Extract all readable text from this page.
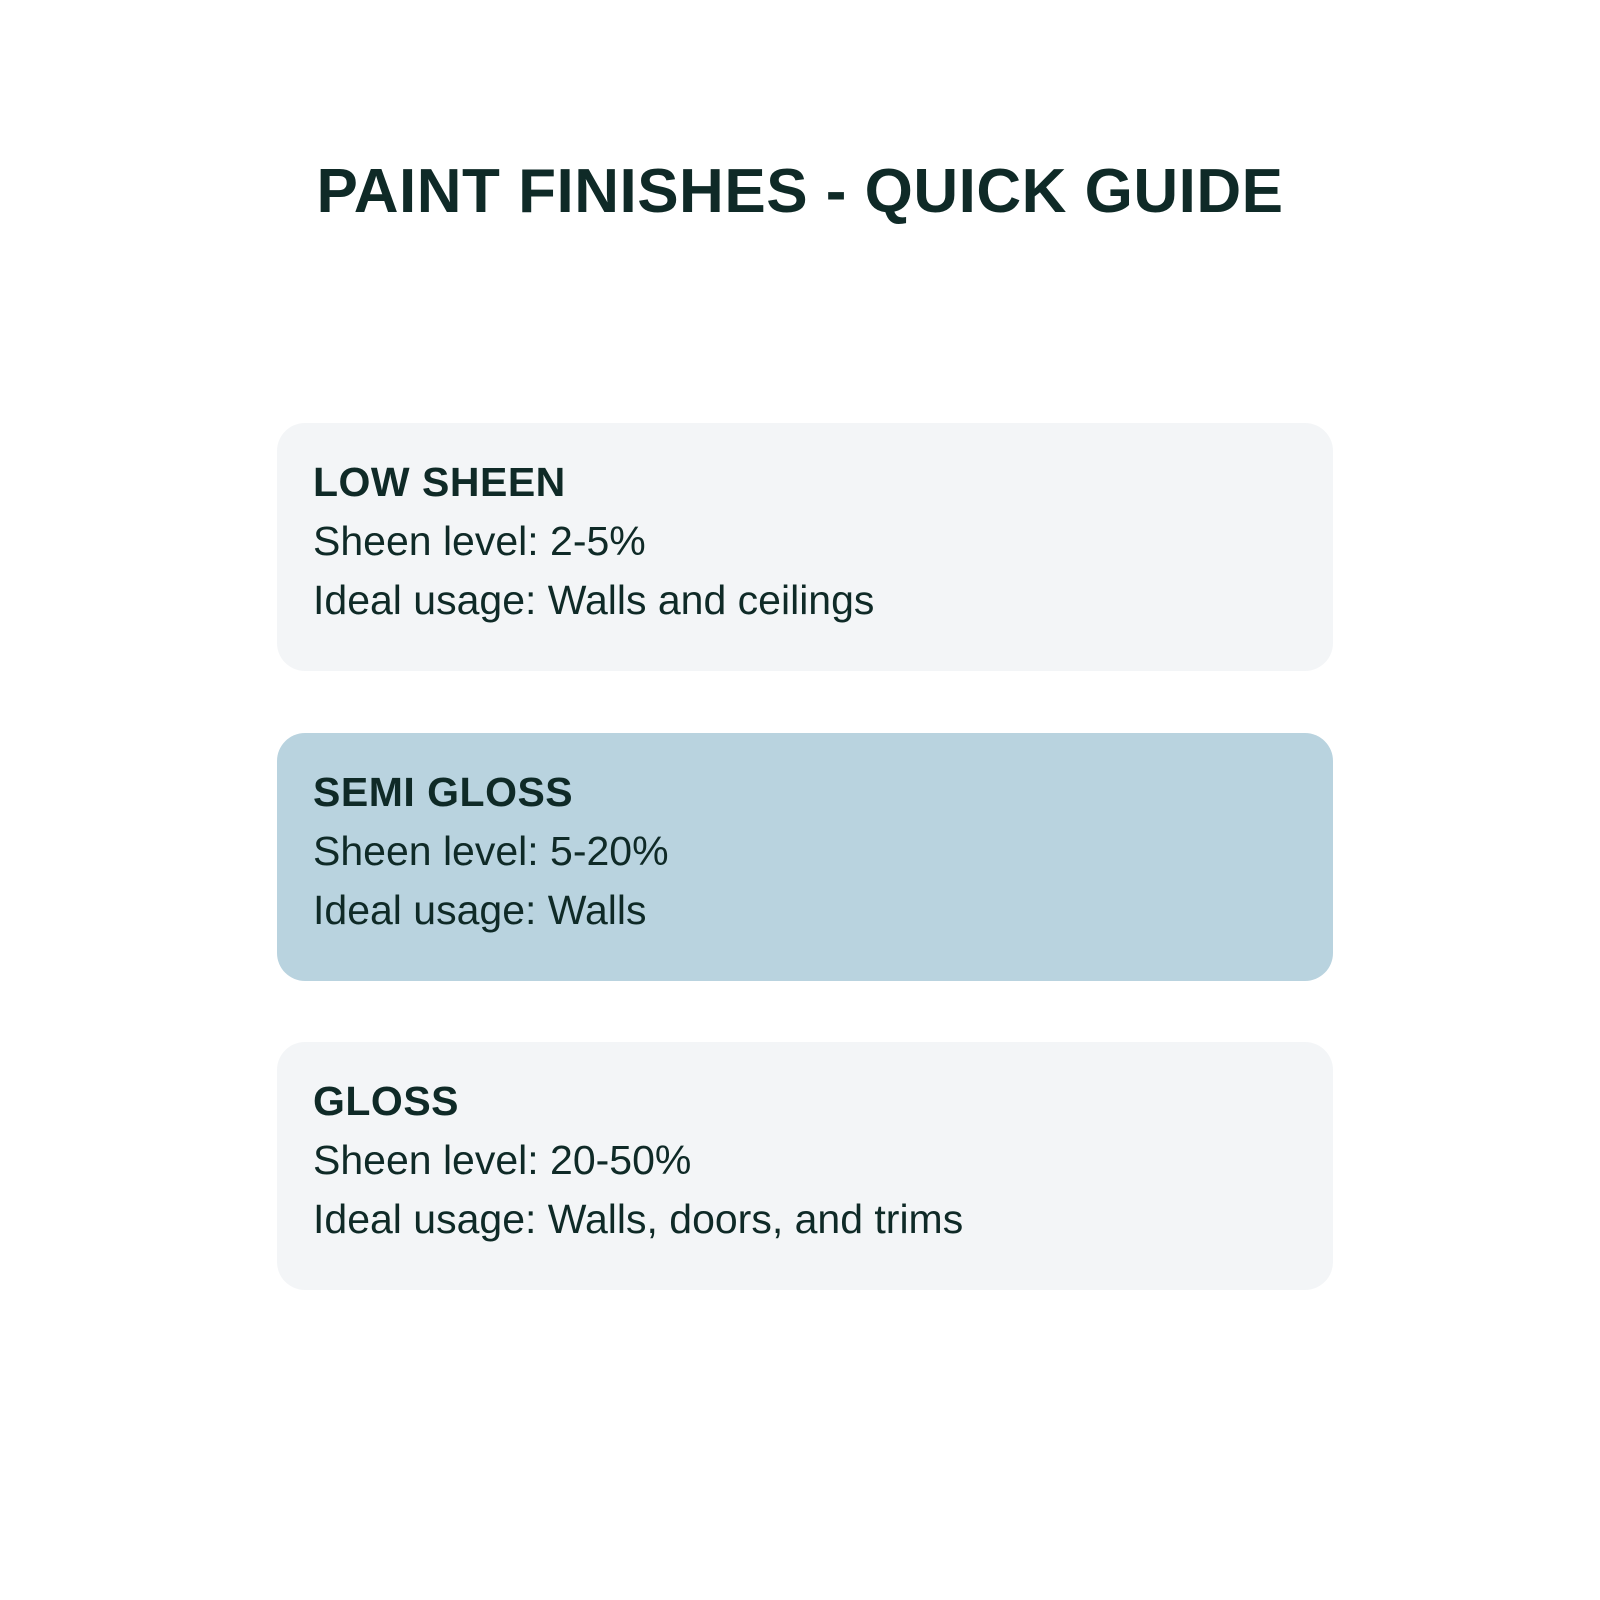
PAINT FINISHES - QUICK GUIDE
LOW SHEEN
Sheen level: 2-5%
Ideal usage: Walls and ceilings
SEMI GLOSS
Sheen level: 5-20%
Ideal usage: Walls
GLOSS
Sheen level: 20-50%
Ideal usage: Walls, doors, and trims
